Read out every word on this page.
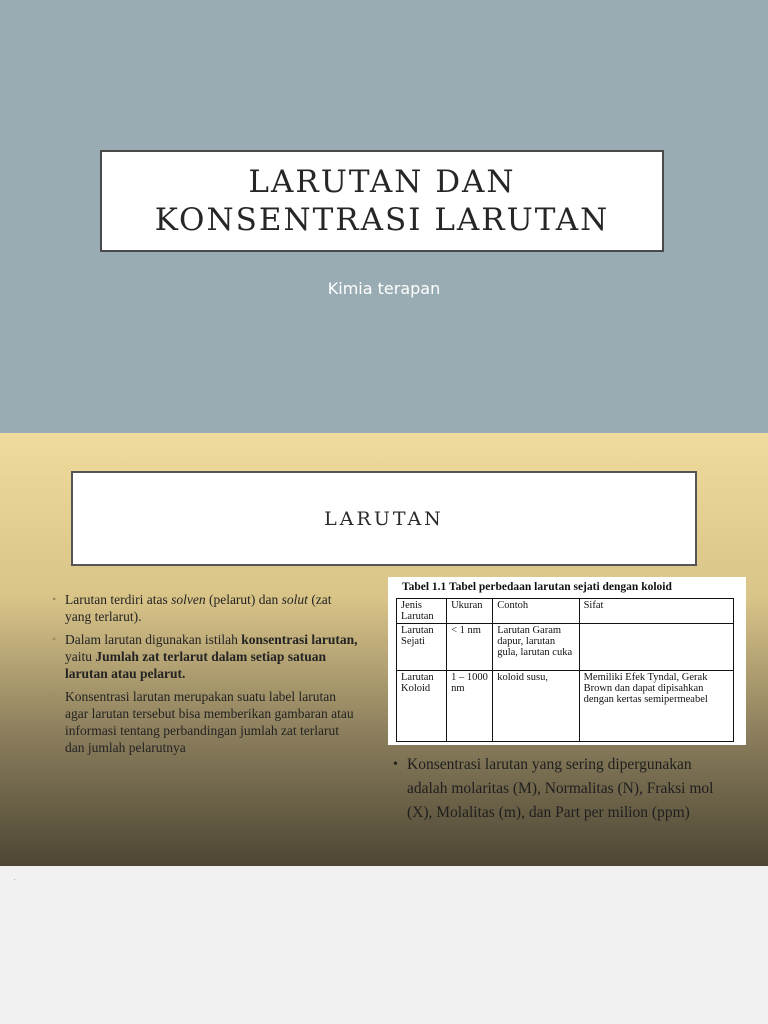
LARUTAN DAN
KONSENTRASI LARUTAN
Kimia terapan
LARUTAN
• Larutan terdiri atas solven (pelarut) dan solut (zat yang terlarut).
• Dalam larutan digunakan istilah konsentrasi larutan, yaitu Jumlah zat terlarut dalam setiap satuan larutan atau pelarut.
• Konsentrasi larutan merupakan suatu label larutan agar larutan tersebut bisa memberikan gambaran atau informasi tentang perbandingan jumlah zat terlarut dan jumlah pelarutnya
Tabel 1.1 Tabel perbedaan larutan sejati dengan koloid
Jenis Larutan	Ukuran	Contoh	Sifat
Larutan Sejati	< 1 nm	Larutan Garam dapur, larutan gula, larutan cuka	
Larutan Koloid	1 – 1000 nm	koloid susu,	Memiliki Efek Tyndal, Gerak Brown dan dapat dipisahkan dengan kertas semipermeabel
• Konsentrasi larutan yang sering dipergunakan adalah molaritas (M), Normalitas (N), Fraksi mol (X), Molalitas (m), dan Part per milion (ppm)
.
